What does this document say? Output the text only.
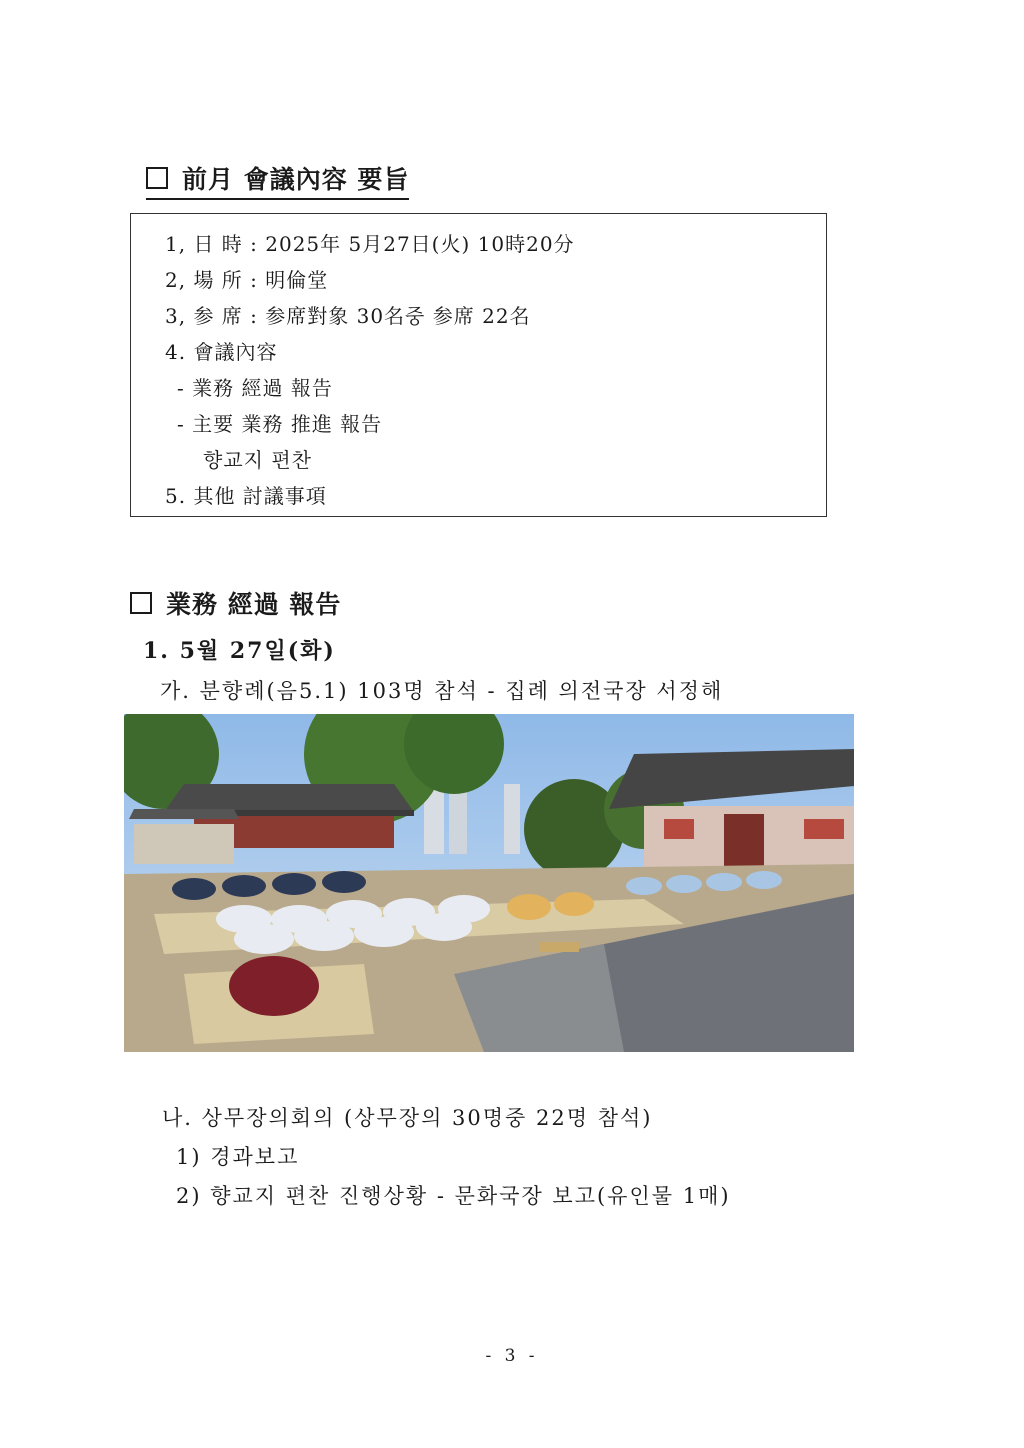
前月 會議內容 要旨
1, 日 時 : 2025年 5月27日(火) 10時20分
2, 場 所 : 明倫堂
3, 参 席 : 参席對象 30名중 参席 22名
4. 會議內容
- 業務 經過 報告
- 主要 業務 推進 報告
향교지 편찬
5. 其他 討議事項
業務 經過 報告
1. 5월 27일(화)
가. 분향례(음5.1) 103명 참석 - 집례 의전국장 서정해
나. 상무장의회의 (상무장의 30명중 22명 참석)
1) 경과보고
2) 향교지 편찬 진행상황 - 문화국장 보고(유인물 1매)
- 3 -
